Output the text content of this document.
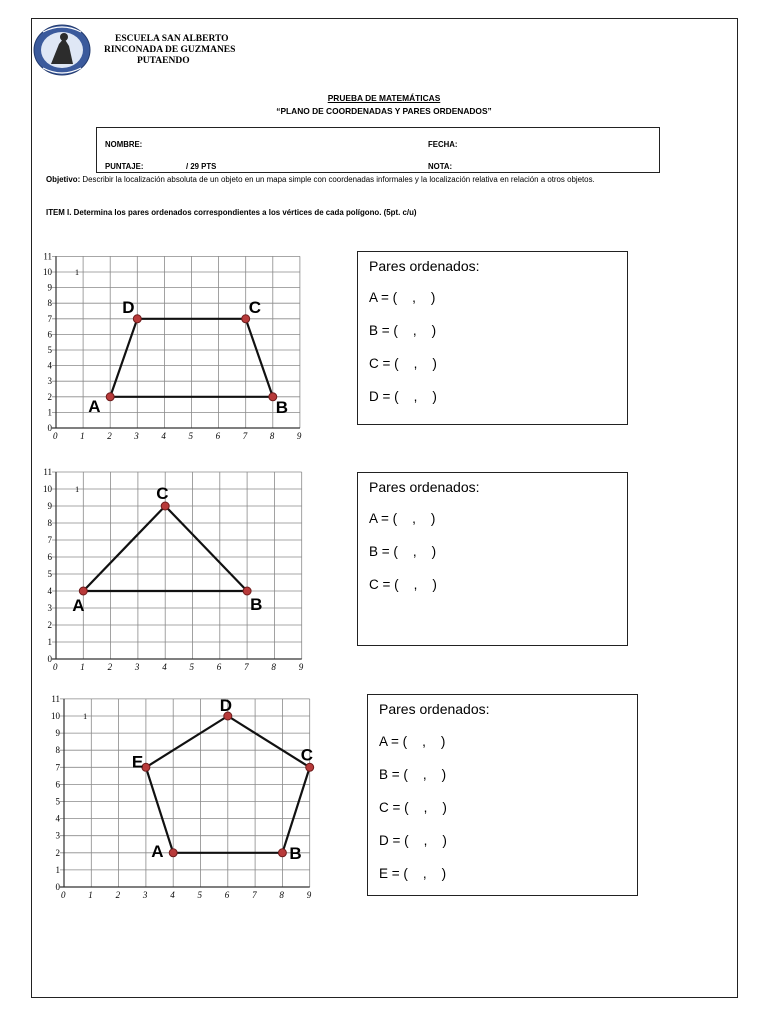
ESCUELA SAN ALBERTO
RINCONADA DE GUZMANES
PUTAENDO
PRUEBA DE MATEMÁTICAS
“PLANO DE COORDENADAS Y PARES ORDENADOS”
NOMBRE:	FECHA:
PUNTAJE:	/ 29 PTS	NOTA:
Objetivo: Describir la localización absoluta de un objeto en un mapa simple con coordenadas informales y la localización relativa en relación a otros objetos.
ITEM I. Determina los pares ordenados correspondientes a los vértices de cada polígono. (5pt. c/u)
0	1	2	3	4	5	6	7	8	9
0
1
2
3
4
5
6
7
8
9
10
11
1
A	B
C
D
Pares ordenados:
A = (    ,    )
B = (    ,    )
C = (    ,    )
D = (    ,    )
0	1	2	3	4	5	6	7	8	9
0
1
2
3
4
5
6
7
8
9
10
11
1
A	B
C	Pares ordenados:
A = (    ,    )
B = (    ,    )
C = (    ,    )
0	1	2	3	4	5	6	7	8	9
0
1
2
3
4
5
6
7
8
9
10
11
1
A	B
C
D
E
Pares ordenados:
A = (    ,    )
B = (    ,    )
C = (    ,    )
D = (    ,    )
E = (    ,    )
